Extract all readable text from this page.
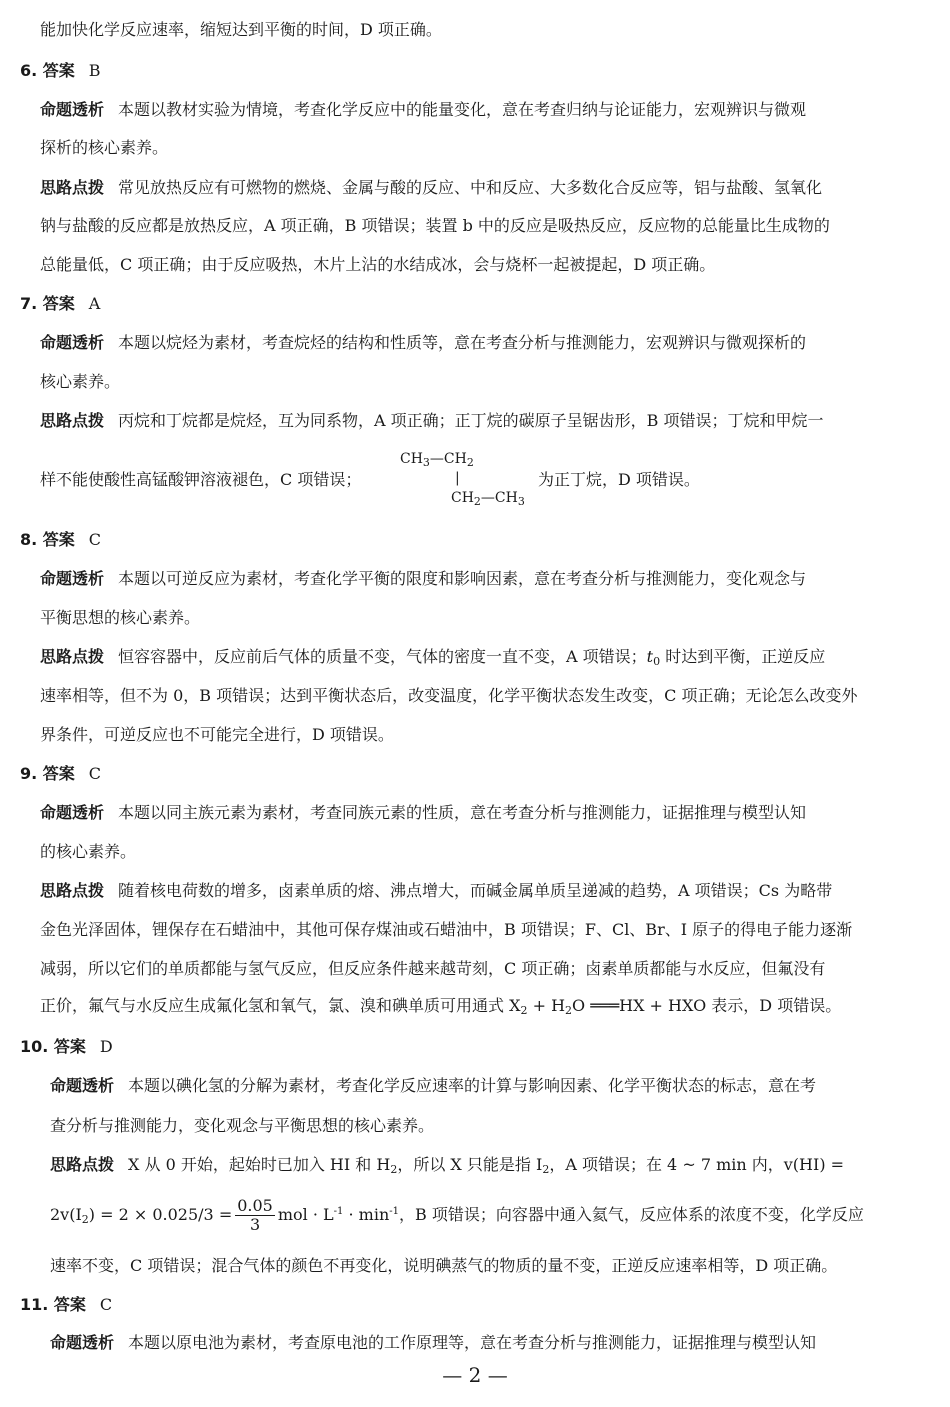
能加快化学反应速率，缩短达到平衡的时间，D 项正确。
6. 答案 B
命题透析 本题以教材实验为情境，考查化学反应中的能量变化，意在考查归纳与论证能力，宏观辨识与微观
探析的核心素养。
思路点拨 常见放热反应有可燃物的燃烧、金属与酸的反应、中和反应、大多数化合反应等，铝与盐酸、氢氧化
钠与盐酸的反应都是放热反应，A 项正确，B 项错误；装置 b 中的反应是吸热反应，反应物的总能量比生成物的
总能量低，C 项正确；由于反应吸热，木片上沾的水结成冰，会与烧杯一起被提起，D 项正确。
7. 答案 A
命题透析 本题以烷烃为素材，考查烷烃的结构和性质等，意在考查分析与推测能力，宏观辨识与微观探析的
核心素养。
思路点拨 丙烷和丁烷都是烷烃，互为同系物，A 项正确；正丁烷的碳原子呈锯齿形，B 项错误；丁烷和甲烷一
样不能使酸性高锰酸钾溶液褪色，C 项错误；
$CH_3—CH_2$
|
$CH_2—CH_3$
为正丁烷，D 项错误。
8. 答案 C
命题透析 本题以可逆反应为素材，考查化学平衡的限度和影响因素，意在考查分析与推测能力，变化观念与
平衡思想的核心素养。
思路点拨 恒容容器中，反应前后气体的质量不变，气体的密度一直不变，A 项错误；$t_0$ 时达到平衡，正逆反应
速率相等，但不为 0，B 项错误；达到平衡状态后，改变温度，化学平衡状态发生改变，C 项正确；无论怎么改变外
界条件，可逆反应也不可能完全进行，D 项错误。
9. 答案 C
命题透析 本题以同主族元素为素材，考查同族元素的性质，意在考查分析与推测能力，证据推理与模型认知
的核心素养。
思路点拨 随着核电荷数的增多，卤素单质的熔、沸点增大，而碱金属单质呈递减的趋势，A 项错误；Cs 为略带
金色光泽固体，锂保存在石蜡油中，其他可保存煤油或石蜡油中，B 项错误；F、Cl、Br、I 原子的得电子能力逐渐
减弱，所以它们的单质都能与氢气反应，但反应条件越来越苛刻，C 项正确；卤素单质都能与水反应，但氟没有
正价，氟气与水反应生成氟化氢和氧气，氯、溴和碘单质可用通式 $X_2 + H_2O$ ═══HX + HXO 表示，D 项错误。
10. 答案 D
命题透析 本题以碘化氢的分解为素材，考查化学反应速率的计算与影响因素、化学平衡状态的标志，意在考
查分析与推测能力，变化观念与平衡思想的核心素养。
思路点拨 X 从 0 开始，起始时已加入 HI 和 $H_2$，所以 X 只能是指 $I_2$，A 项错误；在 4 ~ 7 min 内，v(HI) =
$2v(I_2) = 2 \times 0.025/3 = \frac{0.05}{3}$ mol · $L^{-1} \cdot \min^{-1}$，B 项错误；向容器中通入氦气，反应体系的浓度不变，化学反应
速率不变，C 项错误；混合气体的颜色不再变化，说明碘蒸气的物质的量不变，正逆反应速率相等，D 项正确。
11. 答案 C
命题透析 本题以原电池为素材，考查原电池的工作原理等，意在考查分析与推测能力，证据推理与模型认知
— 2 —
